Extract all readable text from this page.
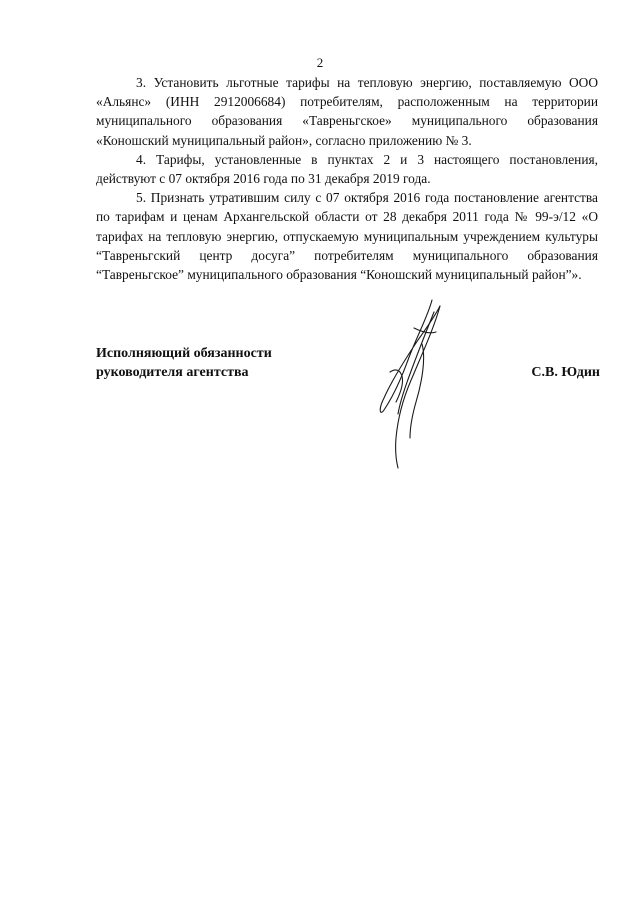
2

3. Установить льготные тарифы на тепловую энергию, поставляемую ООО «Альянс» (ИНН 2912006684) потребителям, расположенным на территории муниципального образования «Тавреньгское» муниципального образования «Коношский муниципальный район», согласно приложению № 3.

4. Тарифы, установленные в пунктах 2 и 3 настоящего постановления, действуют с 07 октября 2016 года по 31 декабря 2019 года.

5. Признать утратившим силу с 07 октября 2016 года постановление агентства по тарифам и ценам Архангельской области от 28 декабря 2011 года № 99-э/12 «О тарифах на тепловую энергию, отпускаемую муниципальным учреждением культуры “Тавреньгский центр досуга” потребителям муниципального образования “Тавреньгское” муниципального образования “Коношский муниципальный район”».

Исполняющий обязанности
руководителя агентства	С.В. Юдин
